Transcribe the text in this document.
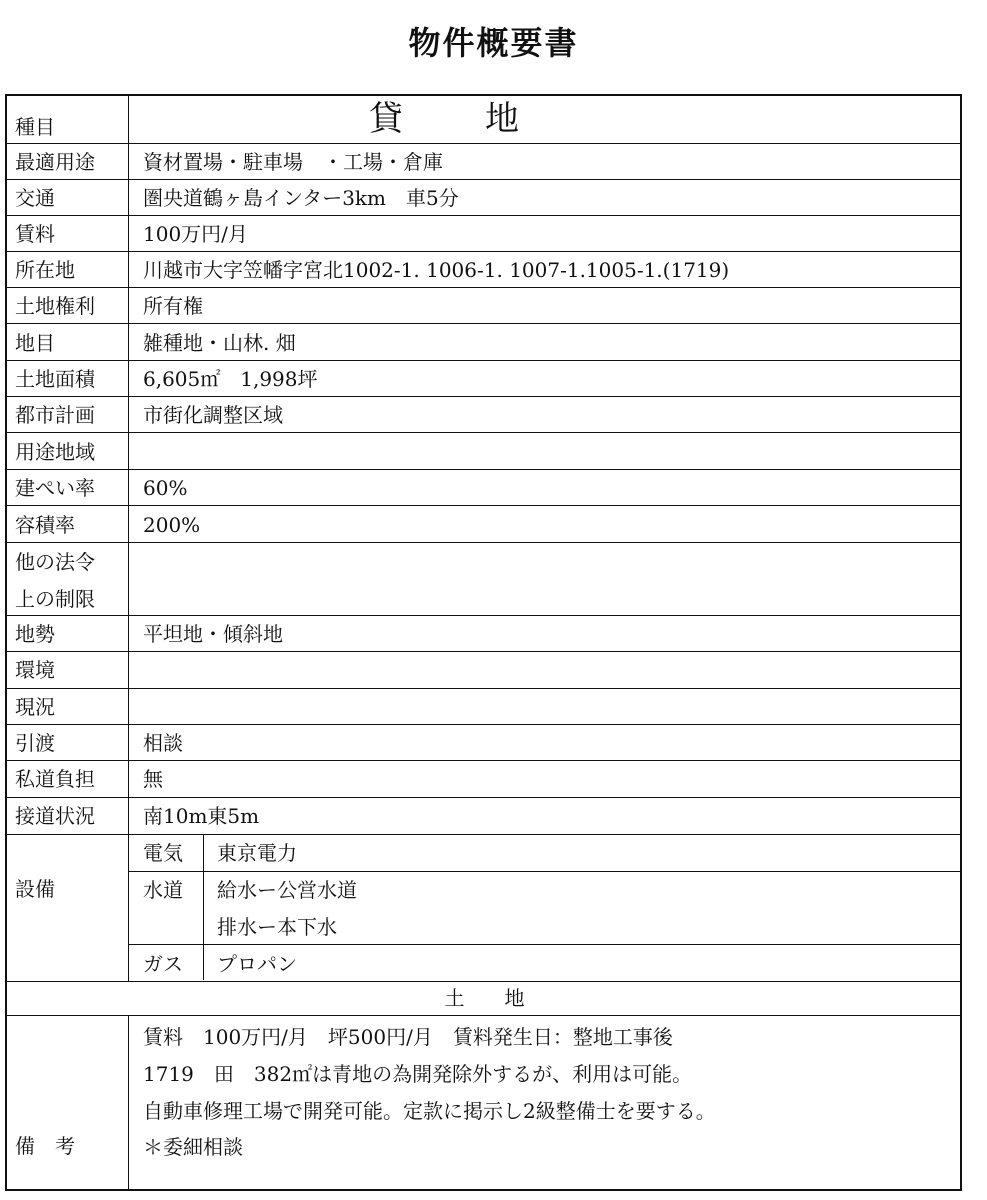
物件概要書
種目	貸　地
最適用途 資材置場・駐車場　・工場・倉庫
交通	圏央道鶴ヶ島インター3km　車5分
賃料	100万円/月
所在地	川越市大字笠幡字宮北1002-1. 1006-1. 1007-1.1005-1.(1719)
土地権利 所有権
地目	雑種地・山林. 畑
土地面積 6,605㎡　1,998坪
都市計画 市街化調整区域
用途地域
建ぺい率 60%
容積率	200%
他の法令
上の制限
地勢	平坦地・傾斜地
環境
現況
引渡	相談
私道負担 無
接道状況 南10m東5m
設備
電気 東京電力
水道 給水ー公営水道
排水ー本下水
ガス プロパン
土　　地
備　考
賃料　100万円/月　坪500円/月　賃料発生日：整地工事後
1719　田　382㎡は青地の為開発除外するが、利用は可能。
自動車修理工場で開発可能。定款に掲示し2級整備士を要する。
＊委細相談
